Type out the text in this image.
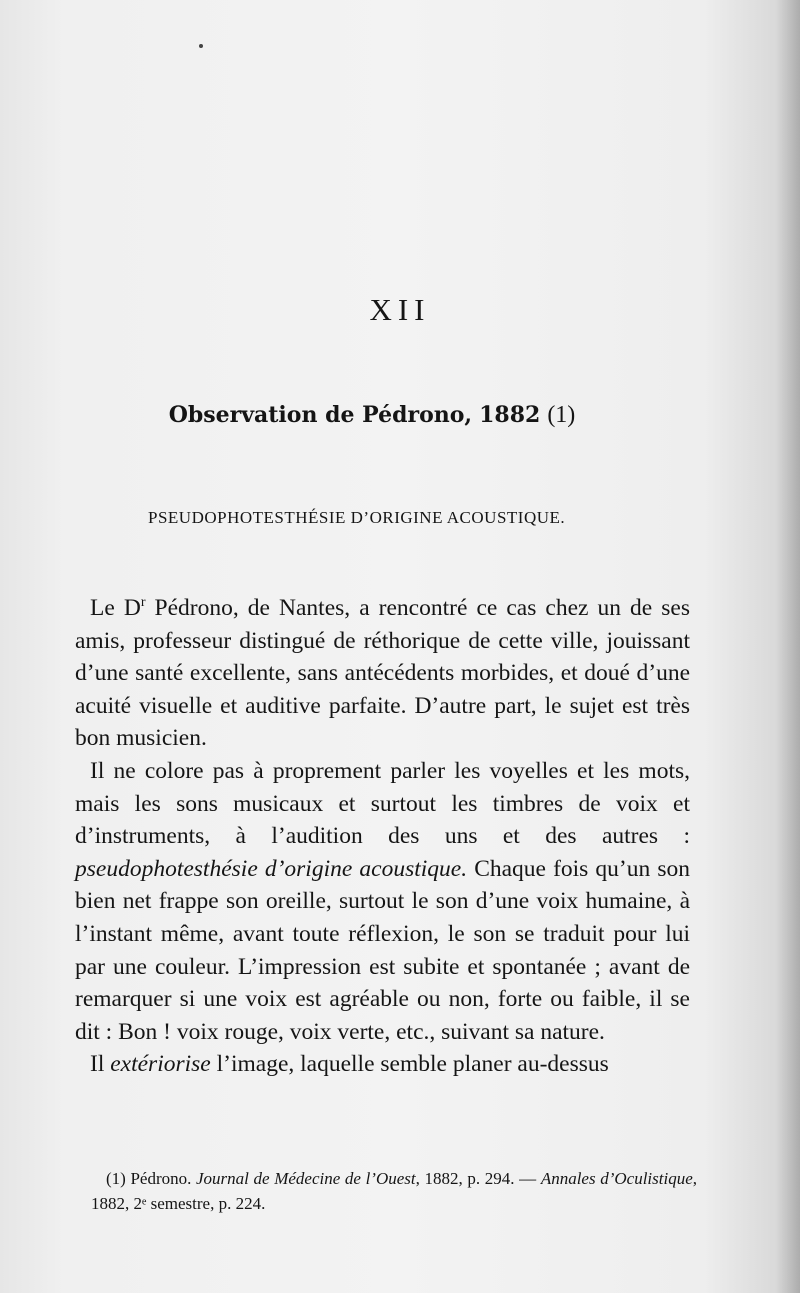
XII
Observation de Pédrono, 1882 (1)
PSEUDOPHOTESTHÉSIE D’ORIGINE ACOUSTIQUE.

Le $D^r$ Pédrono, de Nantes, a rencontré ce cas chez un de ses amis, professeur distingué de réthorique de cette ville, jouissant d’une santé excellente, sans antécédents morbides, et doué d’une acuité visuelle et auditive parfaite. D’autre part, le sujet est très bon musicien.

Il ne colore pas à proprement parler les voyelles et les mots, mais les sons musicaux et surtout les timbres de voix et d’instruments, à l’audition des uns et des autres : pseudophotesthésie d’origine acoustique. Chaque fois qu’un son bien net frappe son oreille, surtout le son d’une voix humaine, à l’instant même, avant toute réflexion, le son se traduit pour lui par une couleur. L’impression est subite et spontanée ; avant de remarquer si une voix est agréable ou non, forte ou faible, il se dit : Bon ! voix rouge, voix verte, etc., suivant sa nature.

Il extériorise l’image, laquelle semble planer au-dessus

(1) Pédrono. Journal de Médecine de l’Ouest, 1882, p. 294. — Annales d’Oculistique, 1882, 2ᵉ semestre, p. 224.
